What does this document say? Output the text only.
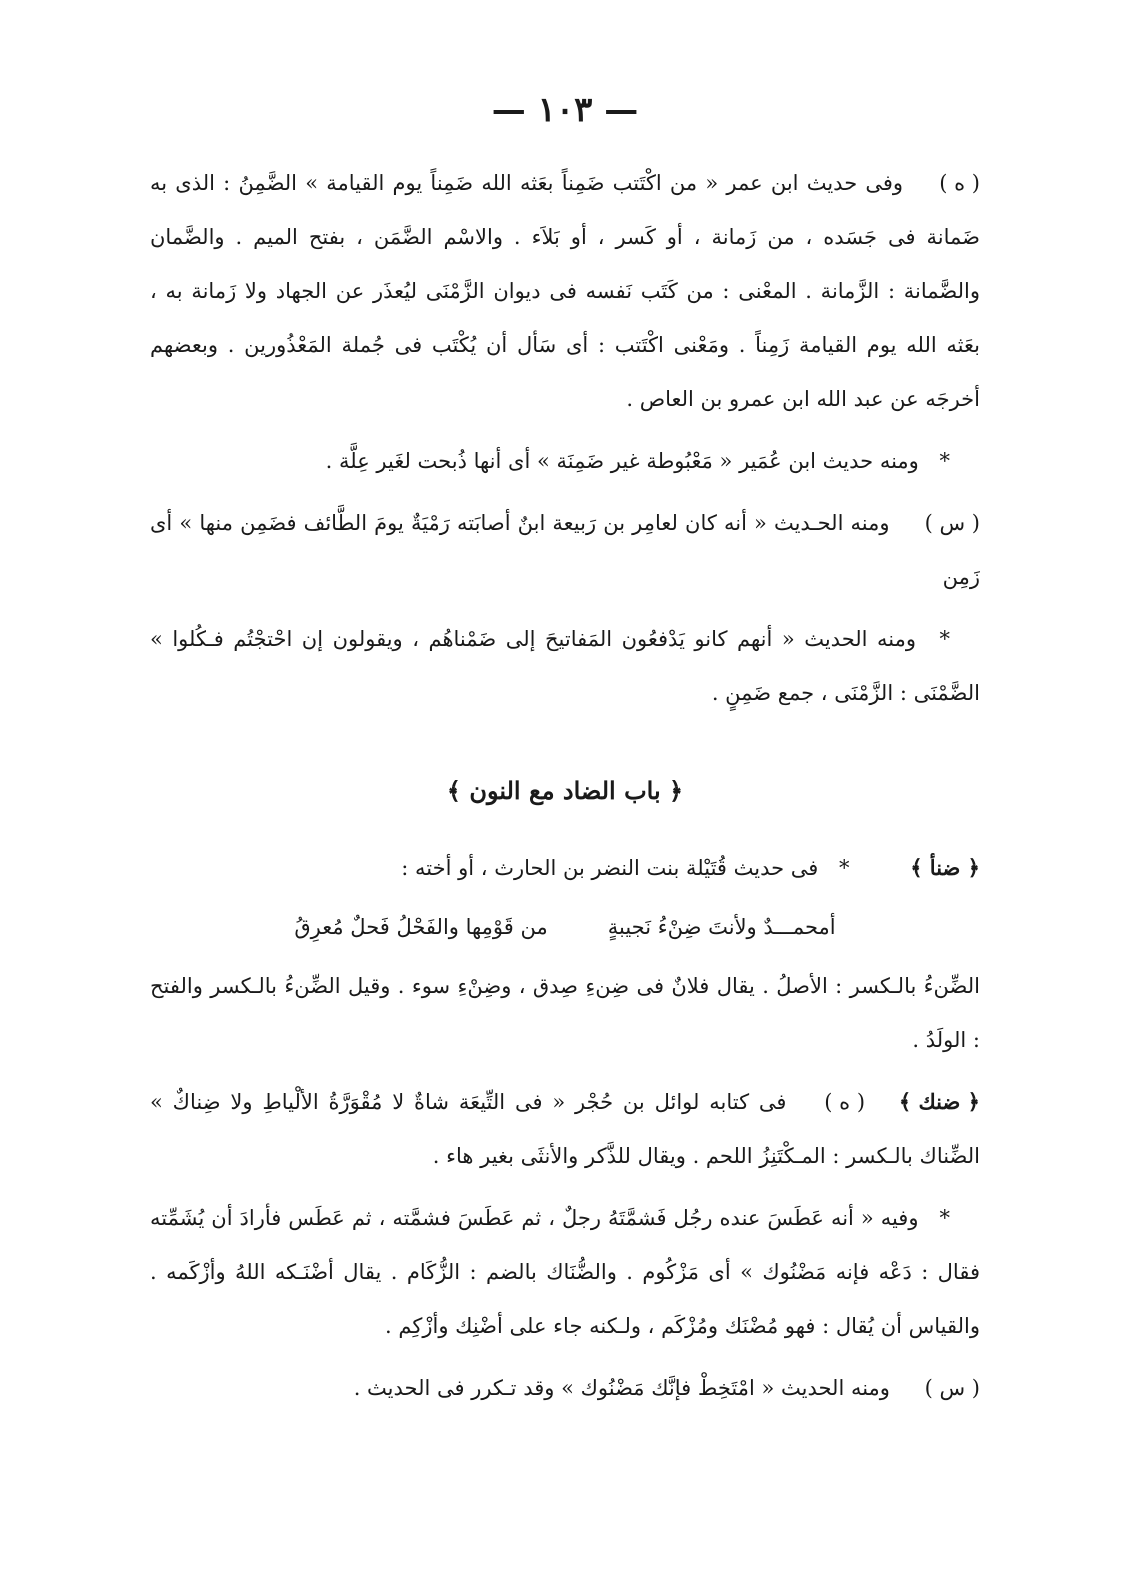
— ١٠٣ —

( ه ) وفى حديث ابن عمر « من اكْتَتب ضَمِناً بعَثه الله ضَمِناً يوم القيامة » الضَّمِنُ : الذى به ضَمانة فى جَسَده ، من زَمانة ، أو كَسر ، أو بَلاَء . والاسْم الضَّمَن ، بفتح الميم . والضَّمان والضَّمانة : الزَّمانة . المعْنى : من كَتَب نَفسه فى ديوان الزَّمْنَى ليُعذَر عن الجهاد ولا زَمانة به ، بعَثه الله يوم القيامة زَمِناً . ومَعْنى اكْتَتب : أى سَأل أن يُكْتَب فى جُملة المَعْذُورين . وبعضهم أخرجَه عن عبد الله ابن عمرو بن العاص .

* ومنه حديث ابن عُمَير « مَعْبُوطة غير ضَمِنَة » أى أنها ذُبحت لغَير عِلَّة .

( س ) ومنه الحـديث « أنه كان لعامِر بن رَبيعة ابنٌ أصابَته رَمْيَةٌ يومَ الطَّائف فضَمِن منها » أى زَمِن

* ومنه الحديث « أنهم كانو يَدْفعُون المَفاتيحَ إلى ضَمْناهُم ، ويقولون إن احْتجْتُم فـكُلوا » الضَّمْنَى : الزَّمْنَى ، جمع ضَمِنٍ .

﴿ باب الضاد مع النون ﴾

﴿ ضنأ ﴾ * فى حديث قُتَيْلة بنت النضر بن الحارث ، أو أخته :

أمحمـــدٌ ولأنتَ ضِنْءُ نَجيبةٍ
من قَوْمِها والفَحْلُ فَحلٌ مُعرِقُ

الضِّنءُ بالـكسر : الأصلُ . يقال فلانٌ فى ضِنءِ صِدق ، وضِنْءِ سوء . وقيل الضِّنءُ بالـكسر والفتح : الولَدُ .

﴿ ضنك ﴾ ( ه ) فى كتابه لوائل بن حُجْر « فى التِّيعَة شاةٌ لا مُقْوَرَّةُ الألْياطِ ولا ضِناكٌ » الضِّناك بالـكسر : المـكْتَنِزُ اللحم . ويقال للذَّكر والأنثَى بغير هاء .

* وفيه « أنه عَطَسَ عنده رجُل فَشمَّتَهُ رجلٌ ، ثم عَطَسَ فشمَّته ، ثم عَطَس فأرادَ أن يُشَمِّته فقال : دَعْه فإنه مَضْنُوك » أى مَزْكُوم . والضُّنَاك بالضم : الزُّكَام . يقال أضْنَـكه اللهُ وأزْكَمه . والقياس أن يُقال : فهو مُضْنَك ومُزْكَم ، ولـكنه جاء على أضْنِك وأزْكِم .

( س ) ومنه الحديث « امْتَخِطْ فإنَّك مَضْنُوك » وقد تـكرر فى الحديث .
